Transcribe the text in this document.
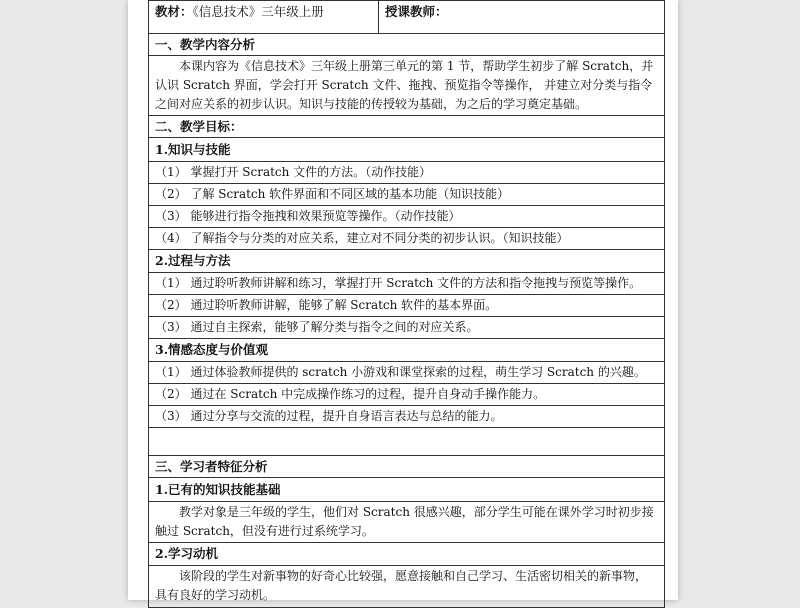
教材：《信息技术》三年级上册	授课教师：
一、教学内容分析
本课内容为《信息技术》三年级上册第三单元的第 1 节，帮助学生初步了解 Scratch，并认识 Scratch 界面，学会打开 Scratch 文件、拖拽、预览指令等操作， 并建立对分类与指令之间对应关系的初步认识。知识与技能的传授较为基础，为之后的学习奠定基础。
二、教学目标：

1.知识与技能
（1） 掌握打开 Scratch 文件的方法。（动作技能）
（2） 了解 Scratch 软件界面和不同区域的基本功能（知识技能）
（3） 能够进行指令拖拽和效果预览等操作。（动作技能）
（4） 了解指令与分类的对应关系，建立对不同分类的初步认识。（知识技能）
2.过程与方法
（1） 通过聆听教师讲解和练习，掌握打开 Scratch 文件的方法和指令拖拽与预览等操作。
（2） 通过聆听教师讲解，能够了解 Scratch 软件的基本界面。
（3） 通过自主探索，能够了解分类与指令之间的对应关系。
3.情感态度与价值观
（1） 通过体验教师提供的 scratch 小游戏和课堂探索的过程，萌生学习 Scratch 的兴趣。
（2） 通过在 Scratch 中完成操作练习的过程，提升自身动手操作能力。
（3） 通过分享与交流的过程，提升自身语言表达与总结的能力。

三、学习者特征分析

1.已有的知识技能基础
教学对象是三年级的学生，他们对 Scratch 很感兴趣，部分学生可能在课外学习时初步接触过 Scratch，但没有进行过系统学习。
2.学习动机
该阶段的学生对新事物的好奇心比较强，愿意接触和自己学习、生活密切相关的新事物，具有良好的学习动机。
